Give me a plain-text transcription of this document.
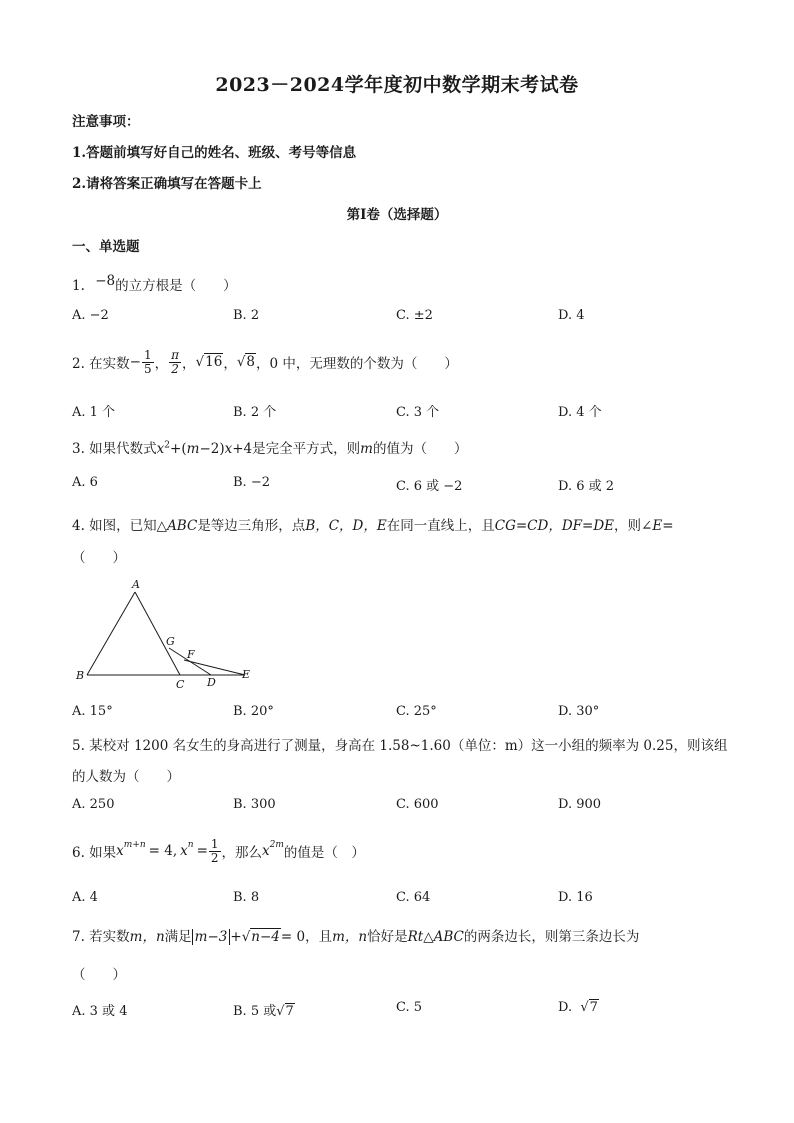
2023－2024学年度初中数学期末考试卷
注意事项：
1.答题前填写好自己的姓名、班级、考号等信息
2.请将答案正确填写在答题卡上
第I卷（选择题）
一、单选题
1. −8的立方根是（　　）
A. −2	B. 2	C. ±2	D. 4
2. 在实数 − $\frac{1}{5}$ ， $\frac{\pi}{2}$ ， √16 ， √8 ，0 中，无理数的个数为（　　）
A. 1 个	B. 2 个	C. 3 个	D. 4 个
3. 如果代数式$x^2+(m-2)x+4$是完全平方式，则m的值为（　　）
A. 6	B. −2	C. 6 或 −2	D. 6 或 2
4. 如图，已知△ABC是等边三角形，点B，C，D，E在同一直线上，且CG=CD，DF=DE，则∠E=
（　　）
A
B
C D
E
F
G
A. 15°	B. 20°	C. 25°	D. 30°
5. 某校对 1200 名女生的身高进行了测量，身高在 1.58~1.60（单位：m）这一小组的频率为 0.25，则该组
的人数为（　　）
A. 250	B. 300	C. 600	D. 900
6. 如果 $x^{m+n} = 4$, $x^n = \frac{1}{2}$ ，那么 $x^{2m}$ 的值是（　）
A. 4	B. 8	C. 64	D. 16
7. 若实数m，n满足 m−3 +√n−4= 0，且m，n恰好是Rt△ABC的两条边长，则第三条边长为
（　　）
A. 3 或 4	B. 5 或√7	C. 5	D. √7
